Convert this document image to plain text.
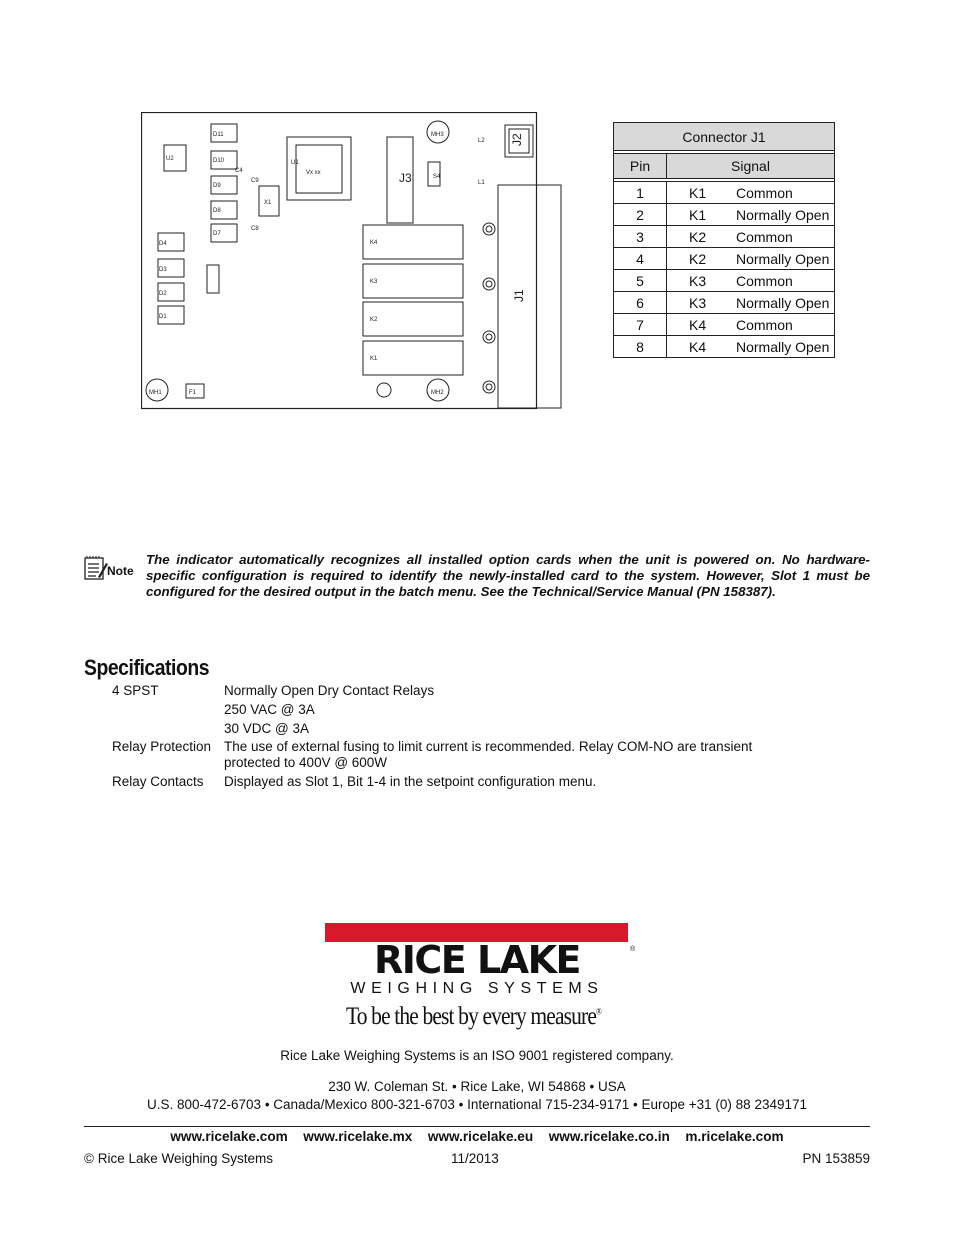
J2
J3
J1
U2
D11
D10
D9
D8
D7
X1
Vx xx
U1
K4
K3
K2
K1
MH1	MH2
MH3
S4
L2
L1
F1
D4
D3
D2
D1
C4
C9
C8
Connector J1		

Pin	Signal	

1	K1	Common
2	K1	Normally Open
3	K2	Common
4	K2	Normally Open
5	K3	Common
6	K3	Normally Open
7	K4	Common
8	K4	Normally Open
Note
The indicator automatically recognizes all installed option cards when the unit is powered on. No hardware-specific configuration is required to identify the newly-installed card to the system. However, Slot 1 must be configured for the desired output in the batch menu. See the Technical/Service Manual (PN 158387).
Specifications
4 SPST	Normally Open Dry Contact Relays
250 VAC @ 3A
30 VDC @ 3A
Relay Protection The use of external fusing to limit current is recommended. Relay COM-NO are transient
protected to 400V @ 600W
Relay Contacts Displayed as Slot 1, Bit 1-4 in the setpoint configuration menu.
RICE LAKE	®
WEIGHING SYSTEMS
To be the best by every measure®
Rice Lake Weighing Systems is an ISO 9001 registered company.
230 W. Coleman St. • Rice Lake, WI 54868 • USA
U.S. 800-472-6703 • Canada/Mexico 800-321-6703 • International 715-234-9171 • Europe +31 (0) 88 2349171
www.ricelake.com  www.ricelake.mx  www.ricelake.eu  www.ricelake.co.in  m.ricelake.com
© Rice Lake Weighing Systems	11/2013	PN 153859
